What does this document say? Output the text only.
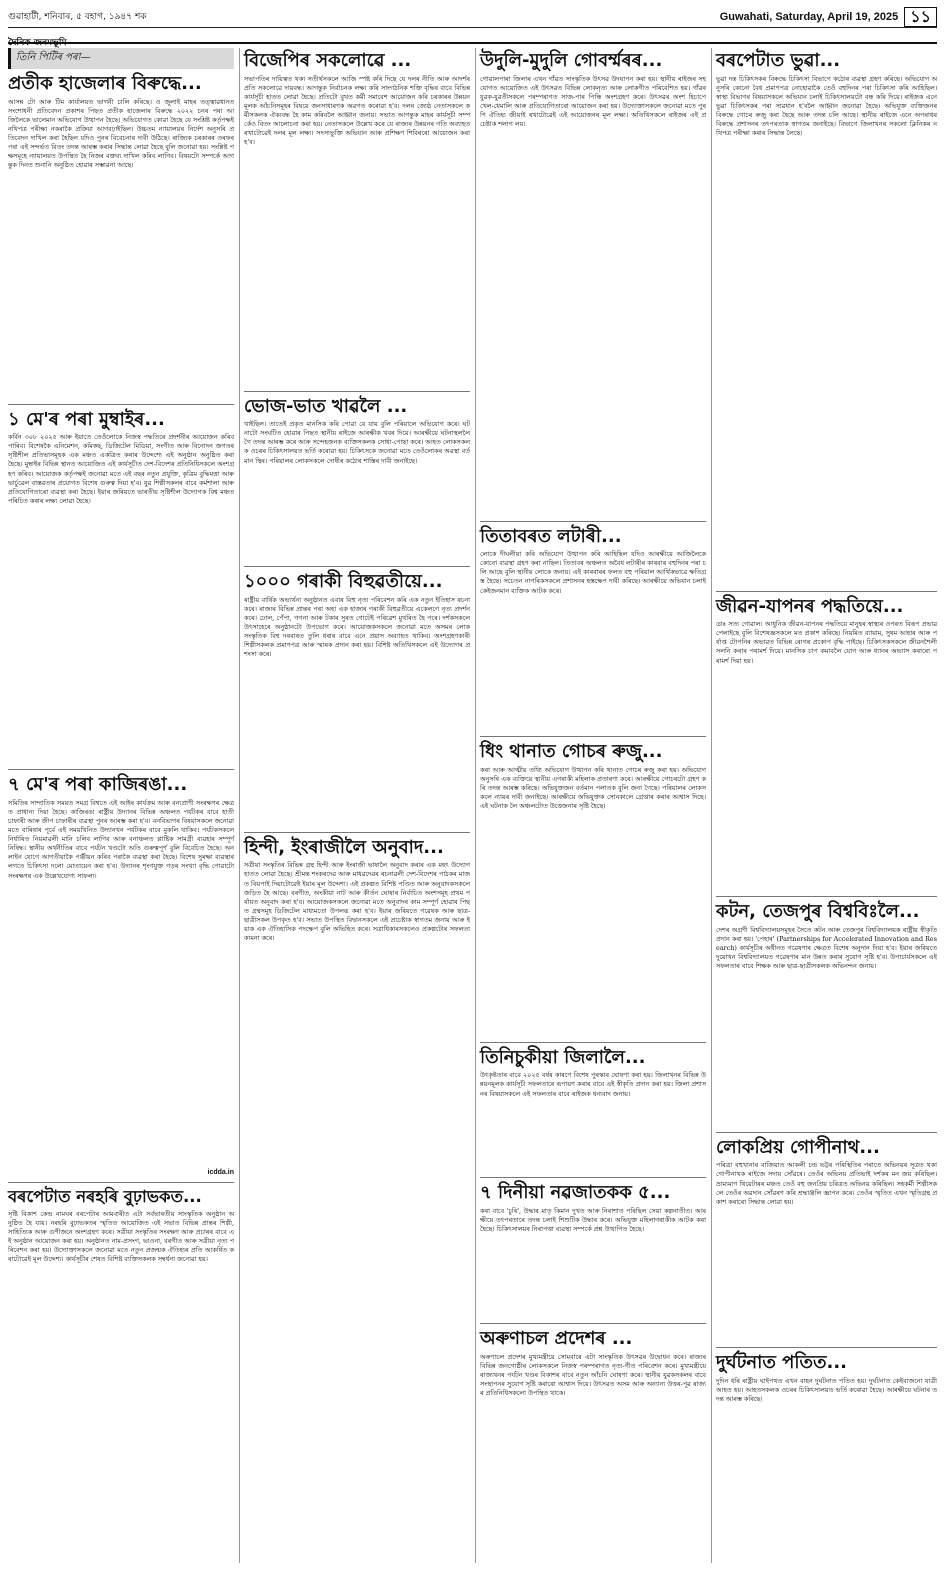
গুৱাহাটী, শনিবাৰ, ৫ বহাগ, ১৯৪৭ শক	Guwahati, Saturday, April 19, 2025 ১১
দৈনিক জনমভূমি
তিনি পিটিৰ পৰা—
প্ৰতীক হাজেলাৰ বিৰুদ্ধে...
আসন্ন টো আৰু টিম কাৰ্যালয়ত ভাগনী চালি কৰিছে। ও জুলাই মাহৰ তত্ত্বাৱধানত সংশোধনী প্ৰতিবেদন প্ৰকাশৰ পিছত প্ৰতীক হাজেলাৰ বিৰুদ্ধে ২০২২ চনৰ পৰা আজিলৈকে ভালেমান অভিযোগ উত্থাপন হৈছে। অভিযোগত কোৱা হৈছে যে সংশ্লিষ্ট কৰ্তৃপক্ষই নথিপত্ৰ পৰীক্ষা নকৰাকৈ প্ৰক্ৰিয়া আগবঢ়াইছিল। উচ্চতম ন্যায়ালয়ৰ নিৰ্দেশ অনুসৰি প্ৰতিবেদন দাখিল কৰা হৈছিল যদিও পুনৰ বিবেচনাৰ দাবী উঠিছে। ৰাজ্যিক চৰকাৰৰ তৰফৰ পৰা এই সন্দৰ্ভত বিতং তদন্ত আৰম্ভ কৰাৰ সিদ্ধান্ত লোৱা হৈছে বুলি জনোৱা হয়। সংশ্লিষ্ট পক্ষসমূহে ন্যায়ালয়ত উপস্থিত হৈ নিজৰ বক্তব্য দাখিল কৰিব লাগিব। বিষয়টো সম্পৰ্কে আগন্তুক দিনত শুনানি অনুষ্ঠিত হোৱাৰ সম্ভাৱনা আছে।
১ মে'ৰ পৰা মুম্বাইৰ...
কৰ্বিন ৩০৮ ২০২৫ আৰু ইয়াতে তেওঁলোকে নিজস্ব পদ্ধতিৰে প্ৰদৰ্শনীৰ আয়োজন কৰিব পাৰিব। বিশেষকৈ এনিমেশন, কমিকছ, ডিজিটেল মিডিয়া, সংগীত আৰু বিনোদন জগতৰ সৃষ্টিশীল প্ৰতিভাসমূহক এক মঞ্চত একত্ৰিত কৰাৰ উদ্দেশ্যে এই অনুষ্ঠান অনুষ্ঠিত কৰা হৈছে। মুম্বাইৰ বিভিন্ন স্থানত আয়োজিত এই কাৰ্যসূচীত দেশ-বিদেশৰ প্ৰতিনিধিসকলে অংশগ্ৰহণ কৰিব। আয়োজক কৰ্তৃপক্ষই জনোৱা মতে এই বছৰ নতুন প্ৰযুক্তি, কৃত্ৰিম বুদ্ধিমত্তা আৰু ভাৰ্চুৱেল বাস্তৱতাৰ প্ৰয়োগত বিশেষ গুৰুত্ব দিয়া হ'ব। যুৱ শিল্পীসকলৰ বাবে কৰ্মশালা আৰু প্ৰতিযোগিতাৰো ব্যৱস্থা কৰা হৈছে। ইয়াৰ জৰিয়তে ভাৰতীয় সৃষ্টিশীল উদ্যোগক বিশ্ব মঞ্চত পৰিচিত কৰাৰ লক্ষ্য লোৱা হৈছে।
৭ মে'ৰ পৰা কাজিৰঙা...
সমিতিৰ সাম্প্ৰতিক সময়ত সমগ্ৰ বিশ্বতে এই আইৰ কাৰ্যক্ৰম আৰু বন্যপ্ৰাণী সংৰক্ষণৰ ক্ষেত্ৰত প্ৰাধান্য দিয়া হৈছে। কাজিৰঙা ৰাষ্ট্ৰীয় উদ্যানৰ বিভিন্ন অঞ্চলত পৰ্যটকৰ বাবে হাতী চাফাৰী আৰু জীপ চাফাৰীৰ ব্যৱস্থা পুনৰ আৰম্ভ কৰা হ'ব। বনবিভাগৰ বিষয়াসকলে জনোৱা মতে বাৰিষাৰ পূৰ্বে এই সময়খিনিত উদ্যানখন পৰ্যটকৰ বাবে মুকলি থাকিব। পৰ্যটকসকলে নিৰ্ধাৰিত নিয়মাৱলী মানি চলিব লাগিব আৰু বনাঞ্চলত প্লাষ্টিক সামগ্ৰী ব্যৱহাৰ সম্পূৰ্ণ নিষিদ্ধ। স্থানীয় অৰ্থনীতিৰ বাবে পৰ্যটন খণ্ডটো অতি গুৰুত্বপূৰ্ণ বুলি বিবেচিত হৈছে। অনলাইন যোগে আগতীয়াকৈ পঞ্জীয়ন কৰিব পৰাকৈ ব্যৱস্থা কৰা হৈছে। বিশেষ সুৰক্ষা ব্যৱস্থাৰ লগতে চিকিৎসা দলো মোতায়েন কৰা হ'ব। উদ্যানৰ শৃংগযুক্ত গড়ৰ সংখ্যা বৃদ্ধি পোৱাটো সংৰক্ষণৰ এক উল্লেখযোগ্য সাফল্য।
icdda.in
বৰপেটাত নৰহৰি বুঢ়াভকত...
সৃষ্টি বিকাশ কেন্দ্ৰ নামঘৰ বৰপেটাৰ আমবাৰীত এটা সৰ্বভাৰতীয় সাংস্কৃতিক অনুষ্ঠান অনুষ্ঠিত হৈ যায়। নৰহৰি বুঢ়াভকতৰ স্মৃতিত আয়োজিত এই সভাত বিভিন্ন প্ৰান্তৰ শিল্পী, সাহিত্যিক আৰু গুণীজনে অংশগ্ৰহণ কৰে। সত্ৰীয়া সংস্কৃতিৰ সংৰক্ষণ আৰু প্ৰচাৰৰ বাবে এই অনুষ্ঠান আয়োজন কৰা হয়। অনুষ্ঠানত নাম-প্ৰসংগ, ভাওনা, বৰগীত আৰু সত্ৰীয়া নৃত্য পৰিবেশন কৰা হয়। উদ্যোক্তাসকলে জনোৱা মতে নতুন প্ৰজন্মক ঐতিহ্যৰ প্ৰতি আকৰ্ষিত কৰাটোৱেই মূল উদ্দেশ্য। কাৰ্যসূচীৰ শেষত বিশিষ্ট ব্যক্তিসকলক সম্বৰ্ধনা জনোৱা হয়।
বিজেপিৰ সকলোৱে ...
সভাপতিৰ দায়িত্বত থকা সতীৰ্থসকলে আজি স্পষ্ট কৰি দিছে যে দলৰ নীতি আৰু আদৰ্শৰ প্ৰতি সকলোৱে দায়বদ্ধ। আগন্তুক নিৰ্বাচনক লক্ষ্য কৰি সাংগঠনিক শক্তি বৃদ্ধিৰ বাবে বিভিন্ন কাৰ্যসূচী হাতত লোৱা হৈছে। প্ৰতিটো বুথত কৰ্মী সমাবেশ আয়োজন কৰি চৰকাৰৰ উন্নয়নমূলক আঁচনিসমূহৰ বিষয়ে জনসাধাৰণক অৱগত কৰোৱা হ'ব। দলৰ জ্যেষ্ঠ নেতাসকলে কৰ্মীসকলক ঐক্যবদ্ধ হৈ কাম কৰিবলৈ আহ্বান জনায়। সভাত আগন্তুক মাহৰ কাৰ্যসূচী সম্পৰ্কেও বিতং আলোচনা কৰা হয়। নেতাসকলে উল্লেখ কৰে যে ৰাজ্যৰ উন্নয়নৰ গতি অব্যাহত ৰখাটোৱেই দলৰ মূল লক্ষ্য। সদস্যভুক্তি অভিযান আৰু প্ৰশিক্ষণ শিবিৰৰো আয়োজন কৰা হ'ব।
ভোজ-ভাত খাৱলৈ ...
খাইছিল। তাতেই প্ৰকৃত মানসিক কৰি পোৱা যে যায় বুলি পৰিয়ালে অভিযোগ কৰে। ঘটনাটো সংঘটিত হোৱাৰ পিছত স্থানীয় ৰাইজে আৰক্ষীক খবৰ দিয়ে। আৰক্ষীয়ে ঘটনাস্থললৈ গৈ তদন্ত আৰম্ভ কৰে আৰু সন্দেহজনক ব্যক্তিসকলক সোধা-পোছা কৰে। আহত লোকসকলক ওচৰৰ চিকিৎসালয়ত ভৰ্তি কৰোৱা হয়। চিকিৎসকে জনোৱা মতে তেওঁলোকৰ অৱস্থা বৰ্তমান স্থিৰ। পৰিয়ালৰ লোকসকলে দোষীৰ কঠোৰ শাস্তিৰ দাবী জনাইছে।
১০০০ গৰাকী বিহুৱতীয়ে...
ৰাষ্ট্ৰীয় বাৰ্ষিক অভ্যৰ্থনা অনুষ্ঠানত এবাৰ বিহু নৃত্য পৰিবেশন কৰি এক নতুন ইতিহাস ৰচনা কৰে। ৰাজ্যৰ বিভিন্ন প্ৰান্তৰ পৰা অহা এক হাজাৰ গৰাকী বিহুৱতীয়ে একেলগে নৃত্য প্ৰদৰ্শন কৰে। ঢোল, পেঁপা, গগনা আৰু টকাৰ সুৰত গোটেই পৰিৱেশ মুখৰিত হৈ পৰে। দৰ্শকসকলে উৎসাহেৰে অনুষ্ঠানটো উপভোগ কৰে। আয়োজকসকলে জনোৱা মতে অসমৰ লোকসংস্কৃতিক বিশ্ব দৰবাৰত তুলি ধৰাৰ বাবে এনে প্ৰয়াস অব্যাহত থাকিব। অংশগ্ৰহণকাৰী শিল্পীসকলক প্ৰমাণপত্ৰ আৰু স্মাৰক প্ৰদান কৰা হয়। বিশিষ্ট অতিথিসকলে এই উদ্যোগৰ প্ৰশংসা কৰে।
হিন্দী, ইংৰাজীলৈ অনুবাদ...
সত্ৰীয়া সংস্কৃতিৰ বিভিন্ন গ্ৰন্থ হিন্দী আৰু ইংৰাজী ভাষালৈ অনুবাদ কৰাৰ এক মহৎ উদ্যোগ হাতত লোৱা হৈছে। শ্ৰীমন্ত শংকৰদেৱ আৰু মাধৱদেৱৰ ৰচনাৱলী দেশ-বিদেশৰ পাঠকৰ মাজত বিয়পাই দিয়াটোৱেই ইয়াৰ মূল উদ্দেশ্য। এই প্ৰকল্পত বিশিষ্ট পণ্ডিত আৰু অনুবাদকসকলে জড়িত হৈ আছে। বৰগীত, অংকীয়া নাট আৰু কীৰ্তন ঘোষাৰ নিৰ্বাচিত অংশসমূহ প্ৰথম পৰ্যায়ত অনুবাদ কৰা হ'ব। আয়োজকসকলে জনোৱা মতে অনুবাদৰ কাম সম্পূৰ্ণ হোৱাৰ পিছত গ্ৰন্থসমূহ ডিজিটেল মাধ্যমতো উপলব্ধ কৰা হ'ব। ইয়াৰ জৰিয়তে গৱেষক আৰু ছাত্ৰ-ছাত্ৰীসকল উপকৃত হ'ব। সভাত উপস্থিত বিদ্বানসকলে এই প্ৰচেষ্টাক স্বাগতম জনায় আৰু ইয়াক এক ঐতিহাসিক পদক্ষেপ বুলি অভিহিত কৰে। সত্ৰাধিকাৰসকলেও প্ৰকল্পটোৰ সফলতা কামনা কৰে।
উদুলি-মুদুলি গোবৰ্ম্মৰৰ...
গোৱালপাৰা জিলাৰ এখন গাঁৱত সাংস্কৃতিক উৎসৱ উদযাপন কৰা হয়। স্থানীয় ৰাইজৰ সহযোগত আয়োজিত এই উৎসৱত বিভিন্ন লোকনৃত্য আৰু লোকগীত পৰিবেশিত হয়। গাঁৱৰ যুৱক-যুৱতীসকলে পৰম্পৰাগত সাজ-পাৰ পিন্ধি অংশগ্ৰহণ কৰে। উৎসৱৰ অংশ হিচাপে খেল-ধেমালি আৰু প্ৰতিযোগিতাৰো আয়োজন কৰা হয়। উদ্যোক্তাসকলে জনোৱা মতে পুৰণি ঐতিহ্য জীয়াই ৰখাটোৱেই এই আয়োজনৰ মূল লক্ষ্য। অতিথিসকলে ৰাইজৰ এই প্ৰচেষ্টাক শলাগ লয়।
তিতাবৰত লটাৰী...
লোকে দীঘলীয়া কৰি অভিযোগ উত্থাপন কৰি আহিছিল যদিও আৰক্ষীয়ে আজিলৈকে কোনো ব্যৱস্থা গ্ৰহণ কৰা নাছিল। তিতাবৰ অঞ্চলত অবৈধ লটাৰীৰ কাৰবাৰ বহুদিনৰ পৰা চলি আছে বুলি স্থানীয় লোকে জনায়। এই কাৰবাৰৰ ফলত বহু পৰিয়াল আৰ্থিকভাৱে ক্ষতিগ্ৰস্ত হৈছে। সচেতন নাগৰিকসকলে প্ৰশাসনৰ হস্তক্ষেপ দাবী কৰিছে। আৰক্ষীয়ে অভিযান চলাই কেইজনমান ব্যক্তিক আটক কৰে।
ধিং থানাত গোচৰ ৰুজু...
কৰা আৰু আত্মীয় তথ্যি অভিযোগ উত্থাপন কৰি থানাত গোচৰ ৰুজু কৰা হয়। অভিযোগ অনুসৰি এক ব্যক্তিয়ে স্থানীয় এগৰাকী মহিলাক প্ৰতাৰণা কৰে। আৰক্ষীয়ে গোচৰটো গ্ৰহণ কৰি তদন্ত আৰম্ভ কৰিছে। অভিযুক্তজন বৰ্তমান পলাতক বুলি জনা গৈছে। পৰিয়ালৰ লোকসকলে ন্যায়ৰ দাবী জনাইছে। আৰক্ষীয়ে অভিযুক্তক সোনকালে গ্ৰেপ্তাৰ কৰাৰ আশ্বাস দিছে। এই ঘটনাক লৈ অঞ্চলটোত উত্তেজনাৰ সৃষ্টি হৈছে।
তিনিচুকীয়া জিলালৈ...
উৎকৃষ্টতাৰ বাবে ২০২৫ বৰ্ষৰ কাৰণে বিশেষ পুৰস্কাৰ ঘোষণা কৰা হয়। জিলাখনৰ বিভিন্ন উন্নয়নমূলক কাৰ্যসূচী সফলতাৰে ৰূপায়ণ কৰাৰ বাবে এই স্বীকৃতি প্ৰদান কৰা হয়। জিলা প্ৰশাসনৰ বিষয়াসকলে এই সফলতাৰ বাবে ৰাইজক ধন্যবাদ জনায়।
৭ দিনীয়া নৱজাতকক ৫...
কৰা বাবে 'চুৰি', উদ্ধাৰ মাতৃ কিমান দুখত আৰু নিৰাশাত পৰিছিল সেয়া কল্পনাতীত। আৰক্ষীয়ে তৎপৰতাৰে তদন্ত চলাই শিশুটিক উদ্ধাৰ কৰে। অভিযুক্ত মহিলাগৰাকীক আটক কৰা হৈছে। চিকিৎসালয়ৰ নিৰাপত্তা ব্যৱস্থা সম্পৰ্কে প্ৰশ্ন উত্থাপিত হৈছে।
অৰুণাচল প্ৰদেশৰ ...
অৰুণাচল প্ৰদেশৰ মুখ্যমন্ত্ৰীয়ে সোমবাৰে এটা সাংস্কৃতিক উৎসৱৰ উদ্বোধন কৰে। ৰাজ্যৰ বিভিন্ন জনগোষ্ঠীৰ লোকসকলে নিজস্ব পৰম্পৰাগত নৃত্য-গীত পৰিবেশন কৰে। মুখ্যমন্ত্ৰীয়ে ৰাজ্যখনৰ পৰ্যটন খণ্ডৰ বিকাশৰ বাবে নতুন আঁচনি ঘোষণা কৰে। স্থানীয় যুৱকসকলৰ বাবে সংস্থাপনৰ সুযোগ সৃষ্টি কৰাৰো আশ্বাস দিয়ে। উৎসৱত অসম আৰু অন্যান্য উত্তৰ-পূৱ ৰাজ্যৰ প্ৰতিনিধিসকলো উপস্থিত থাকে।
বৰপেটাত ভুৱা...
ভুৱা দন্ত চিকিৎসকৰ বিৰুদ্ধে চিকিৎসা বিভাগে কঠোৰ ব্যৱস্থা গ্ৰহণ কৰিছে। অভিযোগ অনুসৰি কোনো বৈধ প্ৰমাণপত্ৰ নোহোৱাকৈ তেওঁ বহুদিনৰ পৰা চিকিৎসা কৰি আহিছিল। স্বাস্থ্য বিভাগৰ বিষয়াসকলে অভিযান চলাই চিকিৎসালয়টো বন্ধ কৰি দিয়ে। ৰাইজক এনে ভুৱা চিকিৎসকৰ পৰা সাৱধান হ'বলৈ আহ্বান জনোৱা হৈছে। অভিযুক্ত ব্যক্তিজনৰ বিৰুদ্ধে গোচৰ ৰুজু কৰা হৈছে আৰু তদন্ত চলি আছে। স্থানীয় ৰাইজে এনে অপৰাধৰ বিৰুদ্ধে প্ৰশাসনৰ তৎপৰতাক স্বাগতম জনাইছে। বিভাগে জিলাখনৰ সকলো ক্লিনিকৰ নথিপত্ৰ পৰীক্ষা কৰাৰ সিদ্ধান্ত লৈছে।
জীৱন-যাপনৰ পদ্ধতিয়ে...
ডাঃ সত্য গোৱাল। আধুনিক জীৱন-যাপনৰ পদ্ধতিয়ে মানুহৰ স্বাস্থ্যৰ ওপৰত বিৰূপ প্ৰভাৱ পেলাইছে বুলি বিশেষজ্ঞসকলে মত প্ৰকাশ কৰিছে। নিয়মিত ব্যায়াম, সুষম আহাৰ আৰু পৰ্যাপ্ত টোপনিৰ অভাৱত বিভিন্ন ৰোগৰ প্ৰকোপ বৃদ্ধি পাইছে। চিকিৎসকসকলে জীৱনশৈলী সলনি কৰাৰ পৰামৰ্শ দিয়ে। মানসিক চাপ কমাবলৈ যোগ আৰু ধ্যানৰ অভ্যাস কৰাৰো পৰামৰ্শ দিয়া হয়।
কটন, তেজপুৰ বিশ্ববিঃলৈ...
দেশৰ অগ্ৰণী বিশ্ববিদ্যালয়সমূহৰ সৈতে কটন আৰু তেজপুৰ বিশ্ববিদ্যালয়ক ৰাষ্ট্ৰীয় স্বীকৃতি প্ৰদান কৰা হয়। 'পেহাৰ' (Partnerships for Accelerated Innovation and Research) কাৰ্যসূচীৰ অধীনত গৱেষণাৰ ক্ষেত্ৰত বিশেষ অনুদান দিয়া হ'ব। ইয়াৰ জৰিয়তে দুয়োখন বিশ্ববিদ্যালয়ত গৱেষণাৰ মান উন্নত কৰাৰ সুযোগ সৃষ্টি হ'ব। উপাচাৰ্যসকলে এই সফলতাৰ বাবে শিক্ষক আৰু ছাত্ৰ-ছাত্ৰীসকলক অভিনন্দন জনায়।
লোকপ্ৰিয় গোপীনাথ...
পৰিত্ৰা বহুখানাৰ বাজিয়াত আকলী চন্দ্ৰ ভট্টৰ পৰিস্থিতিৰ পৰাতে অভিনয়ৰ সূত্ৰত থকা গোপীনাথক ৰাইজে সদায় সোঁৱৰে। তেওঁৰ অভিনয় প্ৰতিভাই দৰ্শকৰ মন জয় কৰিছিল। ভ্ৰাম্যমাণ থিয়েটাৰৰ মঞ্চত তেওঁ বহু জনপ্ৰিয় চৰিত্ৰত অভিনয় কৰিছিল। সহকৰ্মী শিল্পীসকলে তেওঁৰ অৱদান সোঁৱৰণ কৰি শ্ৰদ্ধাঞ্জলি জ্ঞাপন কৰে। তেওঁৰ স্মৃতিত এখন স্মৃতিগ্ৰন্থ প্ৰকাশ কৰাৰো সিদ্ধান্ত লোৱা হয়।
দুৰ্ঘটনাত পতিত...
দুদিন ধৰি ৰাষ্ট্ৰীয় ঘাইপথত এখন বাহন দুৰ্ঘটনাত পতিত হয়। দুৰ্ঘটনাত কেইবাজনো যাত্ৰী আহত হয়। আহতসকলক ওচৰৰ চিকিৎসালয়ত ভৰ্তি কৰোৱা হৈছে। আৰক্ষীয়ে ঘটনাৰ তদন্ত আৰম্ভ কৰিছে।
